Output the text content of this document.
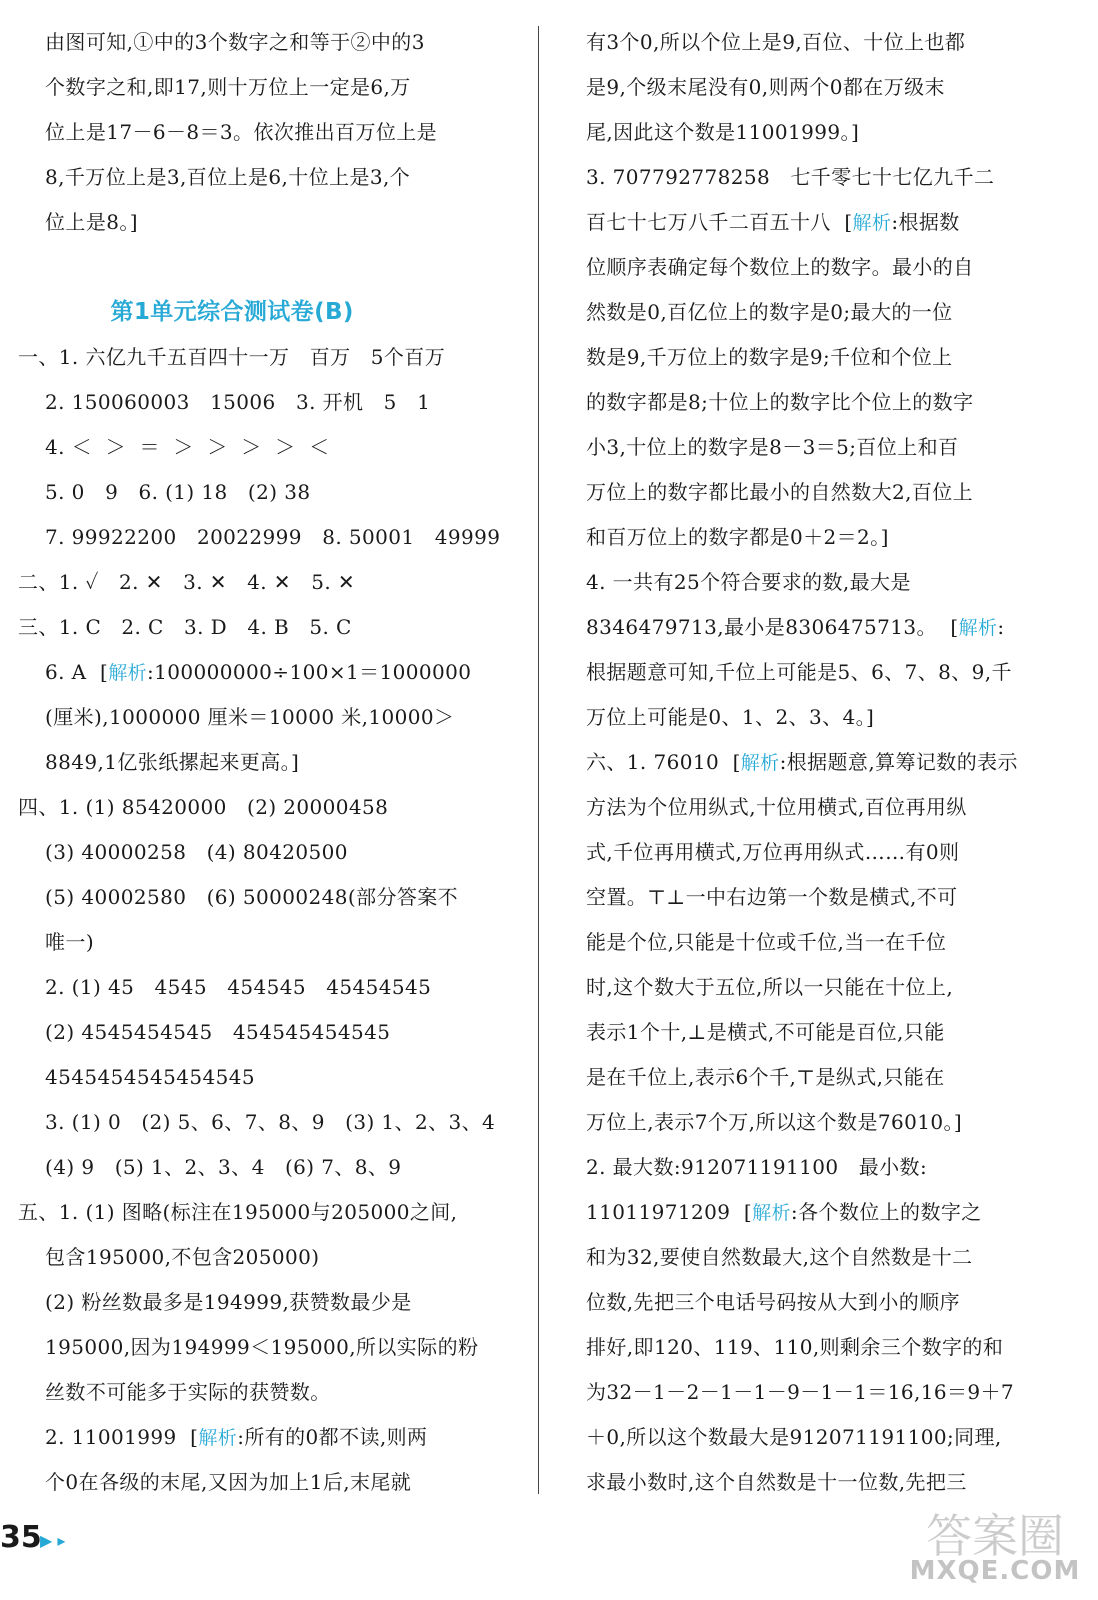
由图可知,①中的3个数字之和等于②中的3
个数字之和,即17,则十万位上一定是6,万
位上是17－6－8＝3。依次推出百万位上是
8,千万位上是3,百位上是6,十位上是3,个
位上是8。]
第1单元综合测试卷(B)
一、1. 六亿九千五百四十一万   百万   5个百万
2. 150060003   15006   3. 开机   5   1
4. ＜  ＞  ＝  ＞  ＞  ＞  ＞  ＜
5. 0   9   6. (1) 18   (2) 38
7. 99922200   20022999   8. 50001   49999
二、1. ✓   2. ✕   3. ✕   4. ✕   5. ✕
三、1. C   2. C   3. D   4. B   5. C
6. A  [解析:100000000÷100×1＝1000000
(厘米),1000000 厘米＝10000 米,10000＞
8849,1亿张纸摞起来更高。]
四、1. (1) 85420000   (2) 20000458
(3) 40000258   (4) 80420500
(5) 40002580   (6) 50000248(部分答案不
唯一)
2. (1) 45   4545   454545   45454545
(2) 4545454545   454545454545
4545454545454545
3. (1) 0   (2) 5、6、7、8、9   (3) 1、2、3、4
(4) 9   (5) 1、2、3、4   (6) 7、8、9
五、1. (1) 图略(标注在195000与205000之间,
包含195000,不包含205000)
(2) 粉丝数最多是194999,获赞数最少是
195000,因为194999＜195000,所以实际的粉
丝数不可能多于实际的获赞数。
2. 11001999  [解析:所有的0都不读,则两
个0在各级的末尾,又因为加上1后,末尾就
有3个0,所以个位上是9,百位、十位上也都
是9,个级末尾没有0,则两个0都在万级末
尾,因此这个数是11001999。]
3. 707792778258   七千零七十七亿九千二
百七十七万八千二百五十八  [解析:根据数
位顺序表确定每个数位上的数字。最小的自
然数是0,百亿位上的数字是0;最大的一位
数是9,千万位上的数字是9;千位和个位上
的数字都是8;十位上的数字比个位上的数字
小3,十位上的数字是8－3＝5;百位上和百
万位上的数字都比最小的自然数大2,百位上
和百万位上的数字都是0＋2＝2。]
4. 一共有25个符合要求的数,最大是
8346479713,最小是8306475713。  [解析:
根据题意可知,千位上可能是5、6、7、8、9,千
万位上可能是0、1、2、3、4。]
六、1. 76010  [解析:根据题意,算筹记数的表示
方法为个位用纵式,十位用横式,百位再用纵
式,千位再用横式,万位再用纵式……有0则
空置。⊤⊥一中右边第一个数是横式,不可
能是个位,只能是十位或千位,当一在千位
时,这个数大于五位,所以一只能在十位上,
表示1个十,⊥是横式,不可能是百位,只能
是在千位上,表示6个千,⊤是纵式,只能在
万位上,表示7个万,所以这个数是76010。]
2. 最大数:912071191100   最小数:
11011971209  [解析:各个数位上的数字之
和为32,要使自然数最大,这个自然数是十二
位数,先把三个电话号码按从大到小的顺序
排好,即120、119、110,则剩余三个数字的和
为32－1－2－1－1－9－1－1＝16,16＝9＋7
＋0,所以这个数最大是912071191100;同理,
求最小数时,这个自然数是十一位数,先把三
35
▶ ▸	答案圈
MXQE.COM
